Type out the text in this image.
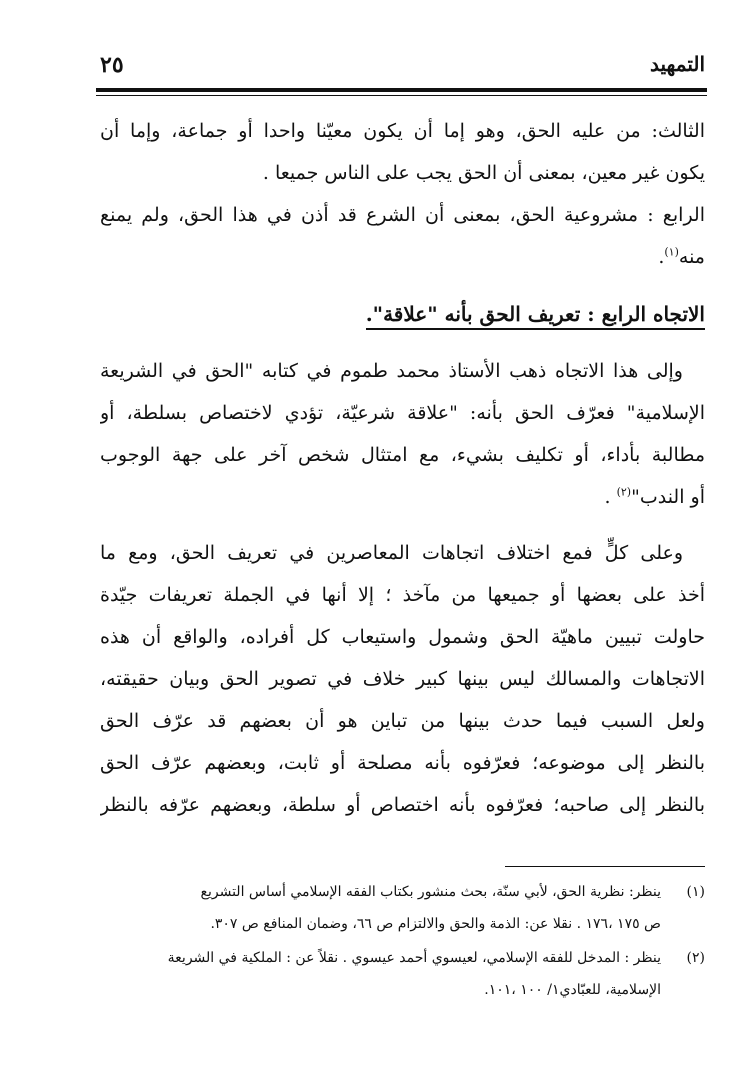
التمهيد
٢٥
الثالث: من عليه الحق، وهو إما أن يكون معيّنا واحدا أو جماعة، وإما أن
يكون غير معين، بمعنى أن الحق يجب على الناس جميعا .
الرابع : مشروعية الحق، بمعنى أن الشرع قد أذن في هذا الحق، ولم يمنع
منه$^{(١)}$.
الاتجاه الرابع : تعريف الحق بأنه "علاقة".
وإلى هذا الاتجاه ذهب الأستاذ محمد طموم في كتابه "الحق في الشريعة
الإسلامية" فعرّف الحق بأنه: "علاقة شرعيّة، تؤدي لاختصاص بسلطة، أو
مطالبة بأداء، أو تكليف بشيء، مع امتثال شخص آخر على جهة الوجوب
أو الندب"$^{(٢)}$ .
وعلى كلٍّ فمع اختلاف اتجاهات المعاصرين في تعريف الحق، ومع ما
أخذ على بعضها أو جميعها من مآخذ ؛ إلا أنها في الجملة تعريفات جيّدة
حاولت تبيين ماهيّة الحق وشمول واستيعاب كل أفراده، والواقع أن هذه
الاتجاهات والمسالك ليس بينها كبير خلاف في تصوير الحق وبيان حقيقته،
ولعل السبب فيما حدث بينها من تباين هو أن بعضهم قد عرّف الحق
بالنظر إلى موضوعه؛ فعرّفوه بأنه مصلحة أو ثابت، وبعضهم عرّف الحق
بالنظر إلى صاحبه؛ فعرّفوه بأنه اختصاص أو سلطة، وبعضهم عرّفه بالنظر
(١)
ينظر: نظرية الحق، لأبي سنّة، بحث منشور بكتاب الفقه الإسلامي أساس التشريع
ص ١٧٥ ،١٧٦ . نقلا عن: الذمة والحق والالتزام ص ٦٦، وضمان المنافع ص ٣٠٧.
(٢)
ينظر : المدخل للفقه الإسلامي، لعيسوي أحمد عيسوي . نقلاً عن : الملكية في الشريعة
الإسلامية، للعبّادي١/ ١٠٠ ،١٠١.
